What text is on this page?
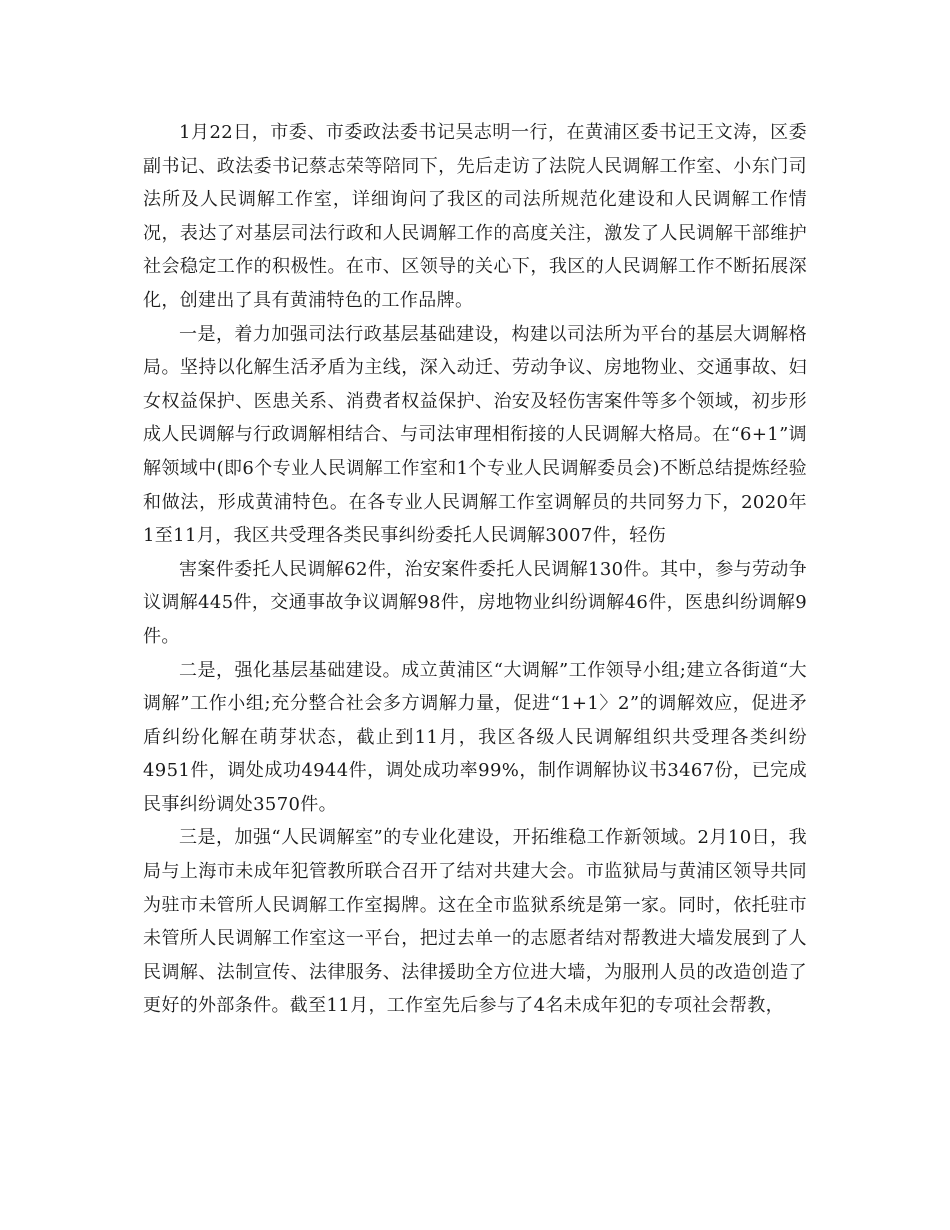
1月22日，市委、市委政法委书记吴志明一行，在黄浦区委书记王文涛，区委副书记、政法委书记蔡志荣等陪同下，先后走访了法院人民调解工作室、小东门司法所及人民调解工作室，详细询问了我区的司法所规范化建设和人民调解工作情况，表达了对基层司法行政和人民调解工作的高度关注，激发了人民调解干部维护社会稳定工作的积极性。在市、区领导的关心下，我区的人民调解工作不断拓展深化，创建出了具有黄浦特色的工作品牌。

一是，着力加强司法行政基层基础建设，构建以司法所为平台的基层大调解格局。坚持以化解生活矛盾为主线，深入动迁、劳动争议、房地物业、交通事故、妇女权益保护、医患关系、消费者权益保护、治安及轻伤害案件等多个领域，初步形成人民调解与行政调解相结合、与司法审理相衔接的人民调解大格局。在“6+1”调解领域中(即6个专业人民调解工作室和1个专业人民调解委员会)不断总结提炼经验和做法，形成黄浦特色。在各专业人民调解工作室调解员的共同努力下，2020年1至11月，我区共受理各类民事纠纷委托人民调解3007件，轻伤

害案件委托人民调解62件，治安案件委托人民调解130件。其中，参与劳动争议调解445件，交通事故争议调解98件，房地物业纠纷调解46件，医患纠纷调解9件。

二是，强化基层基础建设。成立黄浦区“大调解”工作领导小组;建立各街道“大调解”工作小组;充分整合社会多方调解力量，促进“1+1〉2”的调解效应，促进矛盾纠纷化解在萌芽状态，截止到11月，我区各级人民调解组织共受理各类纠纷4951件，调处成功4944件，调处成功率99%，制作调解协议书3467份，已完成民事纠纷调处3570件。

三是，加强“人民调解室”的专业化建设，开拓维稳工作新领域。2月10日，我局与上海市未成年犯管教所联合召开了结对共建大会。市监狱局与黄浦区领导共同为驻市未管所人民调解工作室揭牌。这在全市监狱系统是第一家。同时，依托驻市未管所人民调解工作室这一平台，把过去单一的志愿者结对帮教进大墙发展到了人民调解、法制宣传、法律服务、法律援助全方位进大墙，为服刑人员的改造创造了更好的外部条件。截至11月，工作室先后参与了4名未成年犯的专项社会帮教，
